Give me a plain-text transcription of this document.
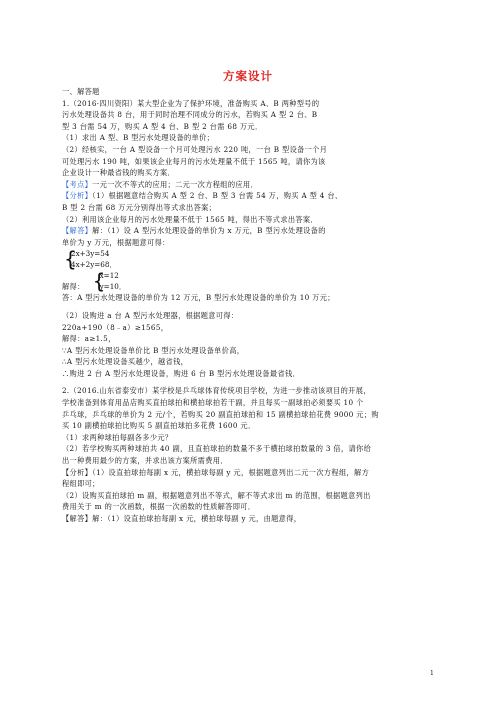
方案设计
一、解答题
1.（2016·四川资阳）某大型企业为了保护环境，准备购买 A、B 两种型号的
污水处理设备共 8 台，用于同时治理不同成分的污水，若购买 A 型 2 台、B
型 3 台需 54 万，购买 A 型 4 台、B 型 2 台需 68 万元．
（1）求出 A 型、B 型污水处理设备的单价；
（2）经核实，一台 A 型设备一个月可处理污水 220 吨，一台 B 型设备一个月
可处理污水 190 吨，如果该企业每月的污水处理量不低于 1565 吨，请你为该
企业设计一种最省钱的购买方案．
【考点】一元一次不等式的应用；二元一次方程组的应用．
【分析】（1）根据题意结合购买 A 型 2 台、B 型 3 台需 54 万，购买 A 型 4 台、
B 型 2 台需 68 万元分别得出等式求出答案；
（2）利用该企业每月的污水处理量不低于 1565 吨，得出不等式求出答案．
【解答】解：（1）设 A 型污水处理设备的单价为 x 万元，B 型污水处理设备的
单价为 y 万元，根据题意可得：
{
2x+3y=54
4x+2y=68 ．
解得： {
x=12
y=10 ．
答：A 型污水处理设备的单价为 12 万元，B 型污水处理设备的单价为 10 万元；
（2）设购进 a 台 A 型污水处理器，根据题意可得：
220a+190（8﹣a）≥1565，
解得：a≥1.5，
∵A 型污水处理设备单价比 B 型污水处理设备单价高，
∴A 型污水处理设备买越少，越省钱，
∴购进 2 台 A 型污水处理设备，购进 6 台 B 型污水处理设备最省钱．
2.（2016.山东省泰安市）某学校是乒乓球体育传统项目学校，为进一步推动该项目的开展，
学校准备到体育用品店购买直拍球拍和横拍球拍若干副，并且每买一副球拍必须要买 10 个
乒乓球，乒乓球的单价为 2 元/个，若购买 20 副直拍球拍和 15 副横拍球拍花费 9000 元；购
买 10 副横拍球拍比购买 5 副直拍球拍多花费 1600 元．
（1）求两种球拍每副各多少元？
（2）若学校购买两种球拍共 40 副，且直拍球拍的数量不多于横拍球拍数量的 3 倍，请你给
出一种费用最少的方案，并求出该方案所需费用．
【分析】（1）设直拍球拍每副 x 元，横拍球每副 y 元，根据题意列出二元一次方程组，解方
程组即可；
（2）设购买直拍球拍 m 副，根据题意列出不等式，解不等式求出 m 的范围，根据题意列出
费用关于 m 的一次函数，根据一次函数的性质解答即可．
【解答】解：（1）设直拍球拍每副 x 元，横拍球每副 y 元，由题意得，
1
